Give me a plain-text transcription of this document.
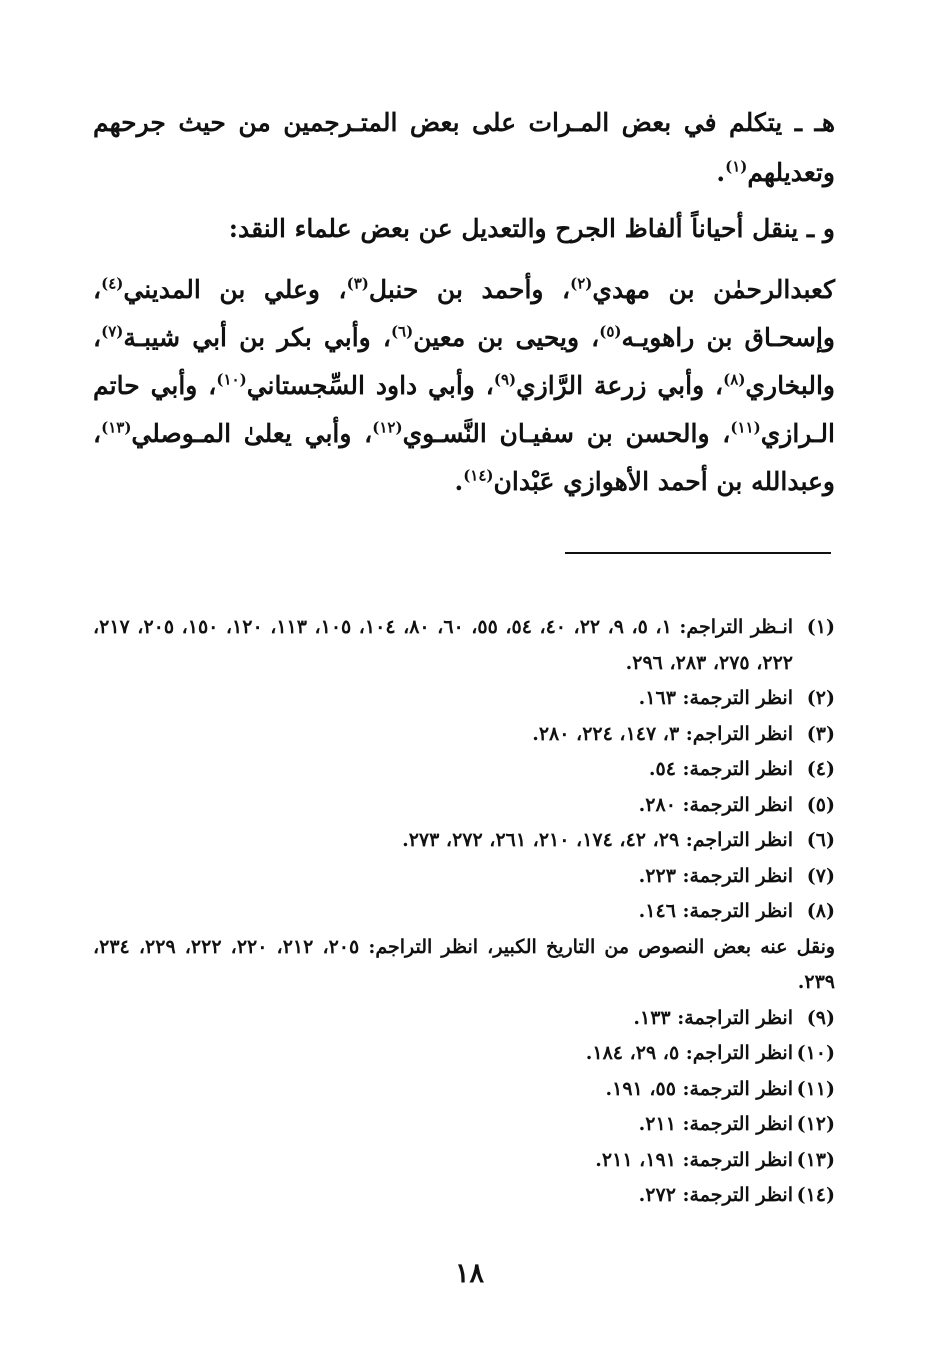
هـ ـ يتكلم في بعض المـرات على بعض المتـرجمين من حيث جرحهم وتعديلهم$^{(١)}$.

و ـ ينقل أحياناً ألفاظ الجرح والتعديل عن بعض علماء النقد:

كعبدالرحمٰن بن مهدي$^{(٢)}$، وأحمد بن حنبل$^{(٣)}$، وعلي بن المديني$^{(٤)}$، وإسحـاق بن راهويـه$^{(٥)}$، ويحيى بن معين$^{(٦)}$، وأبي بكر بن أبي شيبـة$^{(٧)}$، والبخاري$^{(٨)}$، وأبي زرعة الرَّازي$^{(٩)}$، وأبي داود السِّجستاني$^{(١٠)}$، وأبي حاتم الـرازي$^{(١١)}$، والحسن بن سفيـان النَّسـوي$^{(١٢)}$، وأبي يعلىٰ المـوصلي$^{(١٣)}$، وعبدالله بن أحمد الأهوازي عَبْدان$^{(١٤)}$.

(١)
انـظر التراجم: ١، ٥، ٩، ٢٢، ٤٠، ٥٤، ٥٥، ٦٠، ٨٠، ١٠٤، ١٠٥، ١١٣، ١٢٠، ١٥٠، ٢٠٥، ٢١٧، ٢٢٢، ٢٧٥، ٢٨٣، ٢٩٦.
(٢)
انظر الترجمة: ١٦٣.
(٣)
انظر التراجم: ٣، ١٤٧، ٢٢٤، ٢٨٠.
(٤)
انظر الترجمة: ٥٤.
(٥)
انظر الترجمة: ٢٨٠.
(٦)
انظر التراجم: ٢٩، ٤٢، ١٧٤، ٢١٠، ٢٦١، ٢٧٢، ٢٧٣.
(٧)
انظر الترجمة: ٢٢٣.
(٨)
انظر الترجمة: ١٤٦.
ونقل عنه بعض النصوص من التاريخ الكبير، انظر التراجم: ٢٠٥، ٢١٢، ٢٢٠، ٢٢٢، ٢٢٩، ٢٣٤، ٢٣٩.
(٩)
انظر التراجمة: ١٣٣.
(١٠)
انظر التراجم: ٥، ٢٩، ١٨٤.
(١١)
انظر الترجمة: ٥٥، ١٩١.
(١٢)
انظر الترجمة: ٢١١.
(١٣)
انظر الترجمة: ١٩١، ٢١١.
(١٤)
انظر الترجمة: ٢٧٢.
١٨
